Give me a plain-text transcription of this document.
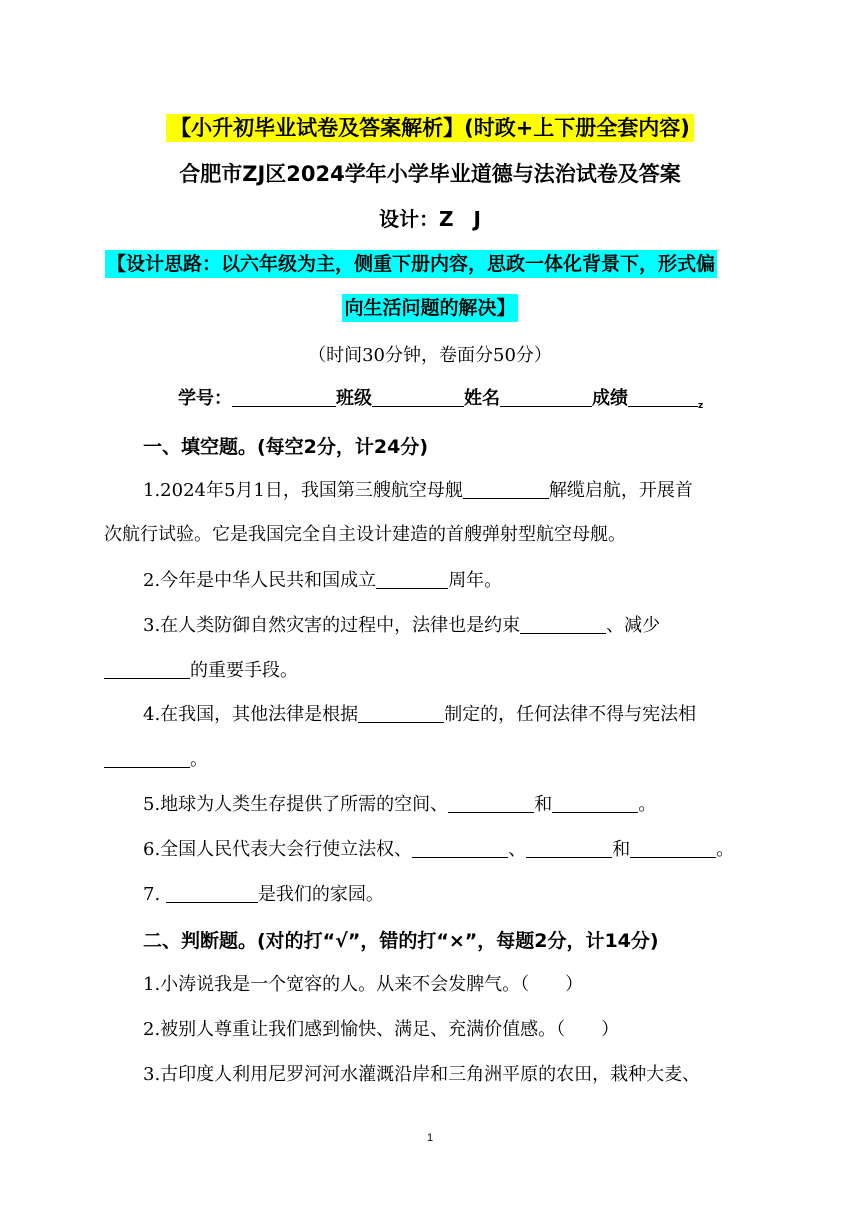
【小升初毕业试卷及答案解析】(时政+上下册全套内容)
合肥市ZJ区2024学年小学毕业道德与法治试卷及答案
设计：Z　J
【设计思路：以六年级为主，侧重下册内容，思政一体化背景下，形式偏
向生活问题的解决】
（时间30分钟，卷面分50分）
学号：	班级	姓名	成绩	$_z$
一、填空题。(每空2分，计24分)
1.2024年5月1日，我国第三艘航空母舰	解缆启航，开展首
次航行试验。它是我国完全自主设计建造的首艘弹射型航空母舰。
2.今年是中华人民共和国成立	周年。
3.在人类防御自然灾害的过程中，法律也是约束	、减少
的重要手段。
4.在我国，其他法律是根据	制定的，任何法律不得与宪法相
。
5.地球为人类生存提供了所需的空间、	和	。
6.全国人民代表大会行使立法权、	、	和	。
7.	是我们的家园。
二、判断题。(对的打“√”，错的打“×”，每题2分，计14分)
1.小涛说我是一个宽容的人。从来不会发脾气。（　　）
2.被别人尊重让我们感到愉快、满足、充满价值感。（　　）
3.古印度人利用尼罗河河水灌溉沿岸和三角洲平原的农田，栽种大麦、
1
